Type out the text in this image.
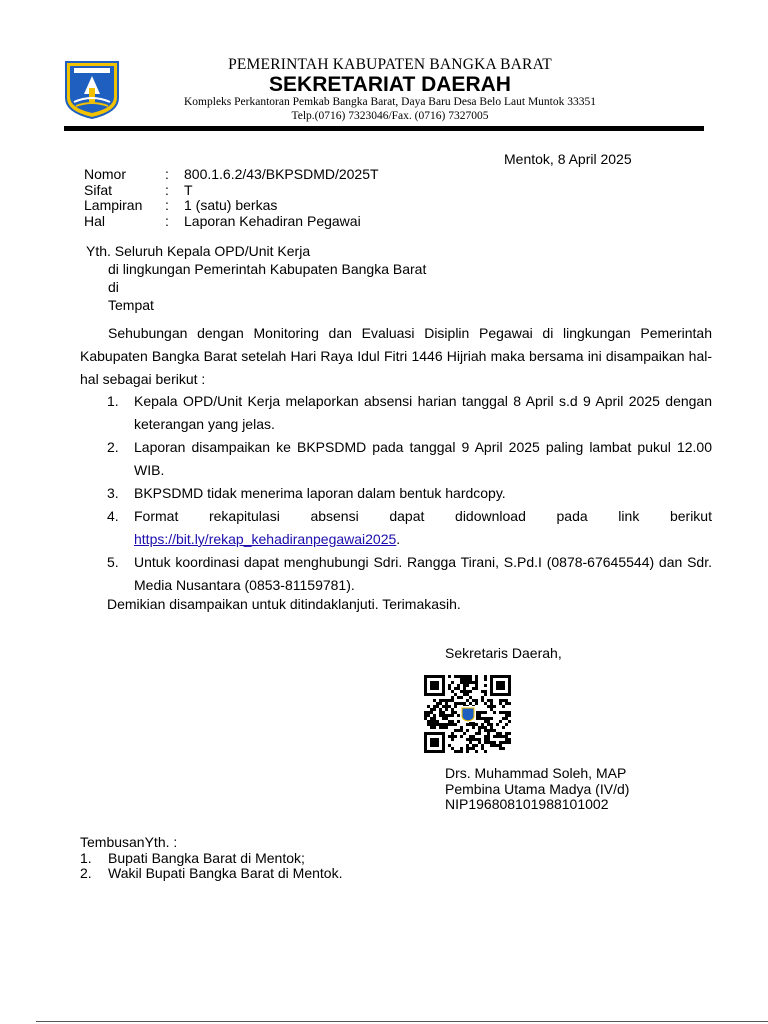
PEMERINTAH KABUPATEN BANGKA BARAT
SEKRETARIAT DAERAH
Kompleks Perkantoran Pemkab Bangka Barat, Daya Baru Desa Belo Laut Muntok 33351
Telp.(0716) 7323046/Fax. (0716) 7327005
Mentok, 8 April 2025
Nomor	:	800.1.6.2/43/BKPSDMD/2025T
Sifat	:	T
Lampiran	:	1 (satu) berkas
Hal	:	Laporan Kehadiran Pegawai
Yth. Seluruh Kepala OPD/Unit Kerja
di lingkungan Pemerintah Kabupaten Bangka Barat
di
Tempat
Sehubungan dengan Monitoring dan Evaluasi Disiplin Pegawai di lingkungan Pemerintah Kabupaten Bangka Barat setelah Hari Raya Idul Fitri 1446 Hijriah maka bersama ini disampaikan hal-hal sebagai berikut :
1. Kepala OPD/Unit Kerja melaporkan absensi harian tanggal 8 April s.d 9 April 2025 dengan keterangan yang jelas.
2. Laporan disampaikan ke BKPSDMD pada tanggal 9 April 2025 paling lambat pukul 12.00 WIB.
3. BKPSDMD tidak menerima laporan dalam bentuk hardcopy.
4. Format rekapitulasi absensi dapat didownload pada link berikut https://bit.ly/rekap_kehadiranpegawai2025.
5. Untuk koordinasi dapat menghubungi Sdri. Rangga Tirani, S.Pd.I (0878-67645544) dan Sdr. Media Nusantara (0853-81159781).
Demikian disampaikan untuk ditindaklanjuti. Terimakasih.
Sekretaris Daerah,
Drs. Muhammad Soleh, MAP
Pembina Utama Madya (IV/d)
NIP196808101988101002
TembusanYth. :
1.	Bupati Bangka Barat di Mentok;
2.	Wakil Bupati Bangka Barat di Mentok.
